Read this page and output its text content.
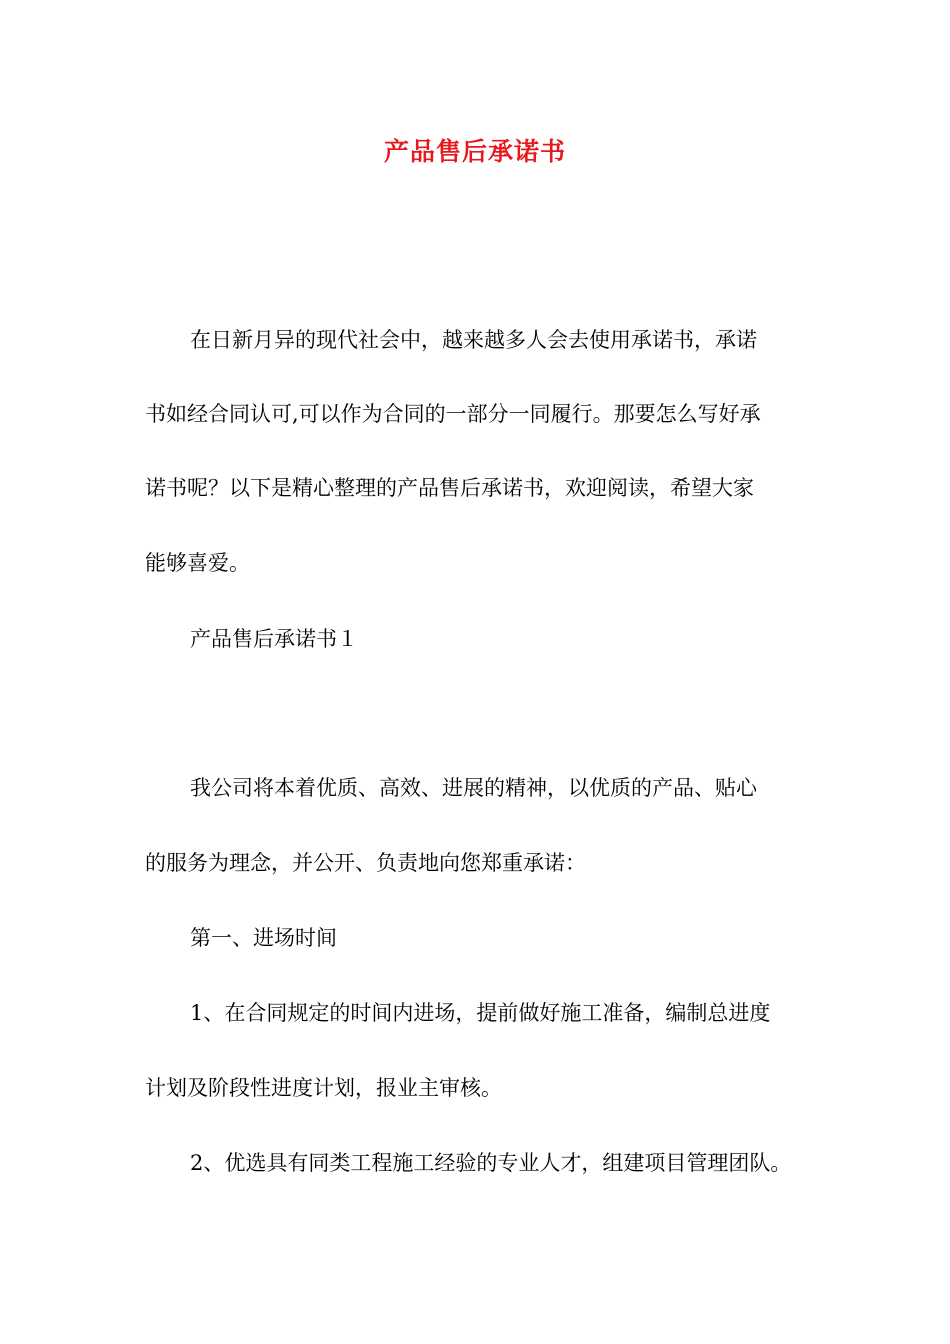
产品售后承诺书
在日新月异的现代社会中，越来越多人会去使用承诺书，承诺
书如经合同认可,可以作为合同的一部分一同履行。那要怎么写好承
诺书呢？以下是精心整理的产品售后承诺书，欢迎阅读，希望大家
能够喜爱。
产品售后承诺书１
我公司将本着优质、高效、进展的精神，以优质的产品、贴心
的服务为理念，并公开、负责地向您郑重承诺：
第一、进场时间
1、在合同规定的时间内进场，提前做好施工准备，编制总进度
计划及阶段性进度计划，报业主审核。
2、优选具有同类工程施工经验的专业人才，组建项目管理团队。
